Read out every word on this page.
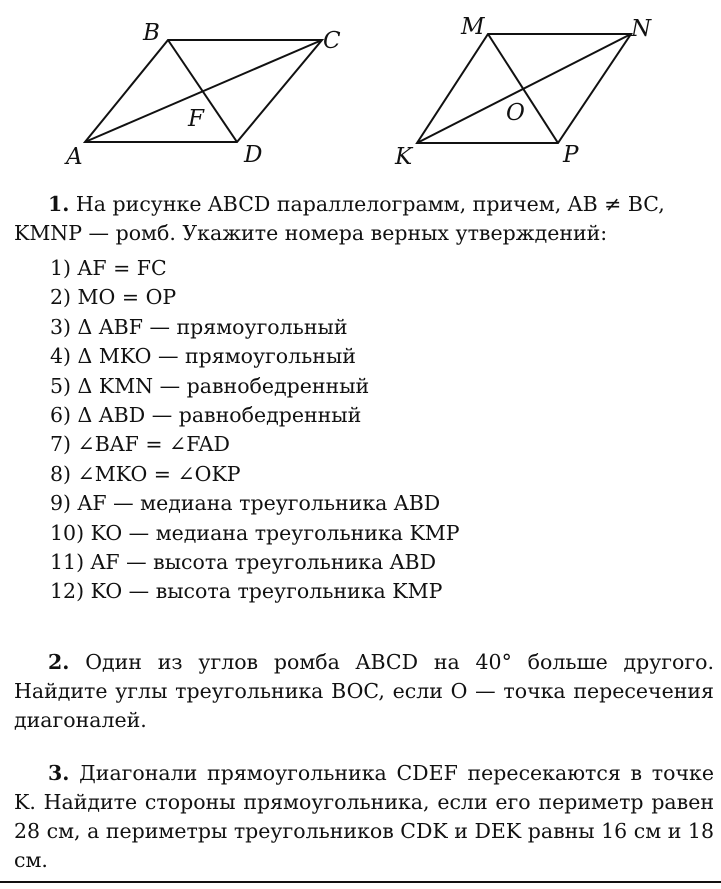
B	C
A	D
F
M	N
K	P
O
1. На рисунке ABCD параллелограмм, причем, AB ≠ BC,
KMNP — ромб. Укажите номера верных утверждений:
1) AF = FC
2) MO = OP
3) Δ ABF — прямоугольный
4) Δ MKO — прямоугольный
5) Δ KMN — равнобедренный
6) Δ ABD — равнобедренный
7) ∠BAF = ∠FAD
8) ∠MKO = ∠OKP
9) AF — медиана треугольника ABD
10) KO — медиана треугольника KMP
11) AF — высота треугольника ABD
12) KO — высота треугольника KMP
2. Один из углов ромба ABCD на 40° больше другого. Найдите углы треугольника BOC, если O — точка пересечения диагоналей.
3. Диагонали прямоугольника CDEF пересекаются в точке K. Найдите стороны прямоугольника, если его периметр равен 28 см, а периметры треугольников CDK и DEK равны 16 см и 18 см.
